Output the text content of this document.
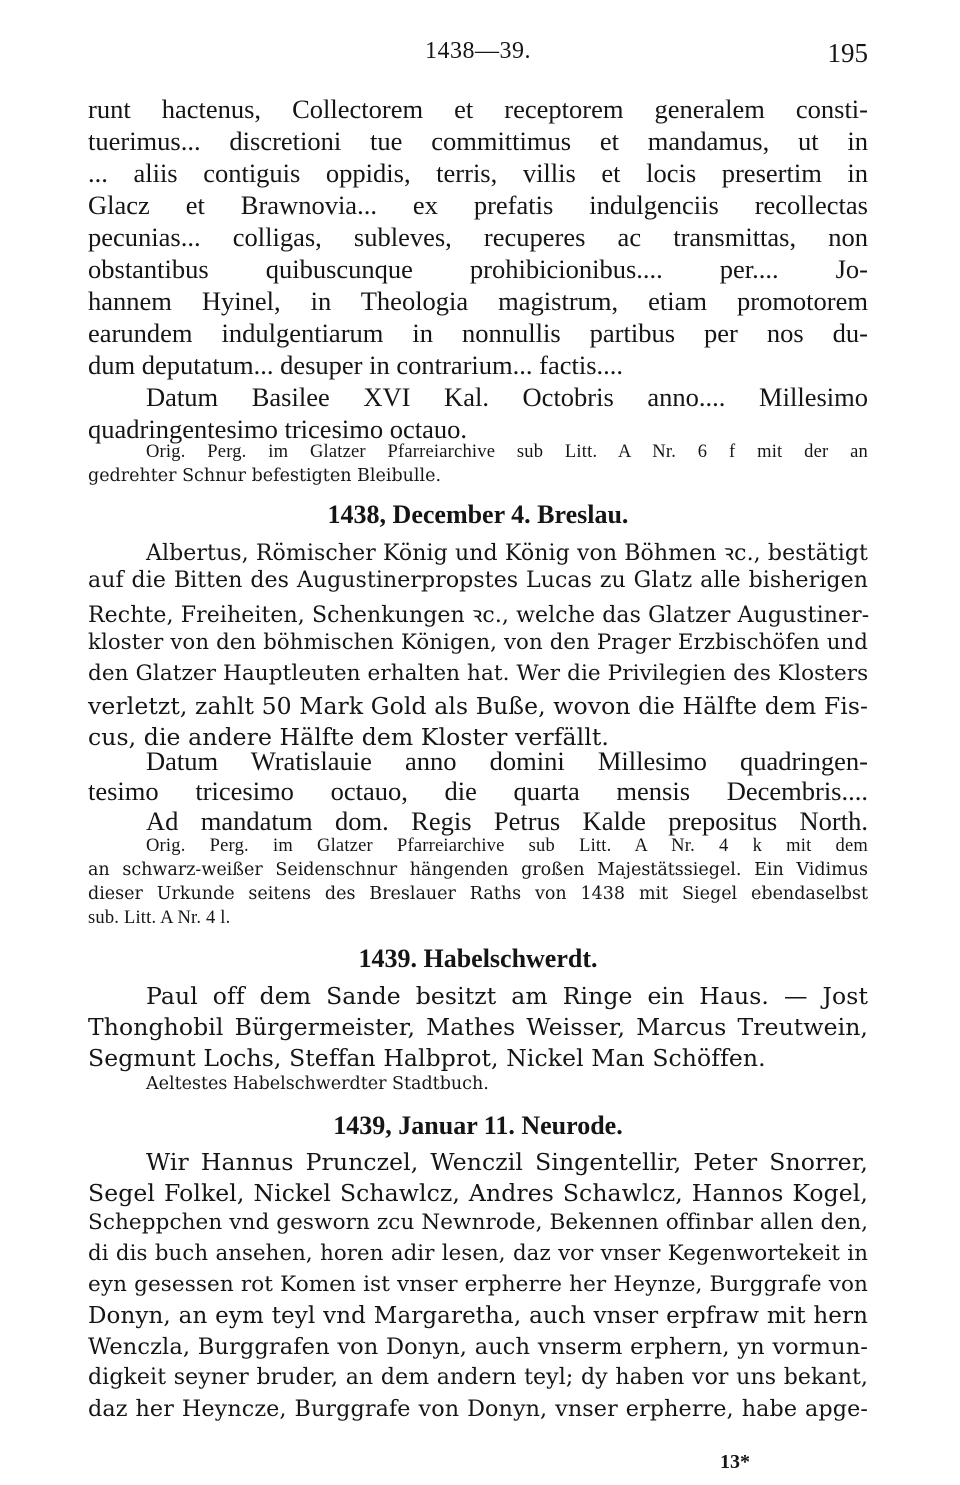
1438—39.	195
runt hactenus, Collectorem et receptorem generalem consti-
tuerimus... discretioni tue committimus et mandamus, ut in
... aliis contiguis oppidis, terris, villis et locis presertim in
Glacz et Brawnovia... ex prefatis indulgenciis recollectas
pecunias... colligas, subleves, recuperes ac transmittas, non
obstantibus quibuscunque prohibicionibus.... per.... Jo-
hannem Hyinel, in Theologia magistrum, etiam promotorem
earundem indulgentiarum in nonnullis partibus per nos du-
dum deputatum... desuper in contrarium... factis....
Datum Basilee XVI Kal. Octobris anno.... Millesimo
quadringentesimo tricesimo octauo.
Orig. Perg. im Glatzer Pfarreiarchive sub Litt. A Nr. 6 f mit der an
gedrehter Schnur befestigten Bleibulle.
1438, December 4. Breslau.
Albertus, Römischer König und König von Böhmen ꝛc., bestätigt
auf die Bitten des Augustinerpropstes Lucas zu Glatz alle bisherigen
Rechte, Freiheiten, Schenkungen ꝛc., welche das Glatzer Augustiner-
kloster von den böhmischen Königen, von den Prager Erzbischöfen und
den Glatzer Hauptleuten erhalten hat. Wer die Privilegien des Klosters
verletzt, zahlt 50 Mark Gold als Buße, wovon die Hälfte dem Fis-
cus, die andere Hälfte dem Kloster verfällt.
Datum Wratislauie anno domini Millesimo quadringen-
tesimo tricesimo octauo, die quarta mensis Decembris....
Ad mandatum dom. Regis Petrus Kalde prepositus North.
Orig. Perg. im Glatzer Pfarreiarchive sub Litt. A Nr. 4 k mit dem
an schwarz-weißer Seidenschnur hängenden großen Majestätssiegel. Ein Vidimus
dieser Urkunde seitens des Breslauer Raths von 1438 mit Siegel ebendaselbst
sub. Litt. A Nr. 4 l.
1439. Habelschwerdt.
Paul off dem Sande besitzt am Ringe ein Haus. — Jost
Thonghobil Bürgermeister, Mathes Weisser, Marcus Treutwein,
Segmunt Lochs, Steffan Halbprot, Nickel Man Schöffen.
Aeltestes Habelschwerdter Stadtbuch.
1439, Januar 11. Neurode.
Wir Hannus Prunczel, Wenczil Singentellir, Peter Snorrer,
Segel Folkel, Nickel Schawlcz, Andres Schawlcz, Hannos Kogel,
Scheppchen vnd gesworn zcu Newnrode, Bekennen offinbar allen den,
di dis buch ansehen, horen adir lesen, daz vor vnser Kegenwortekeit in
eyn gesessen rot Komen ist vnser erpherre her Heynze, Burggrafe von
Donyn, an eym teyl vnd Margaretha, auch vnser erpfraw mit hern
Wenczla, Burggrafen von Donyn, auch vnserm erphern, yn vormun-
digkeit seyner bruder, an dem andern teyl; dy haben vor uns bekant,
daz her Heyncze, Burggrafe von Donyn, vnser erpherre, habe apge-
13*
